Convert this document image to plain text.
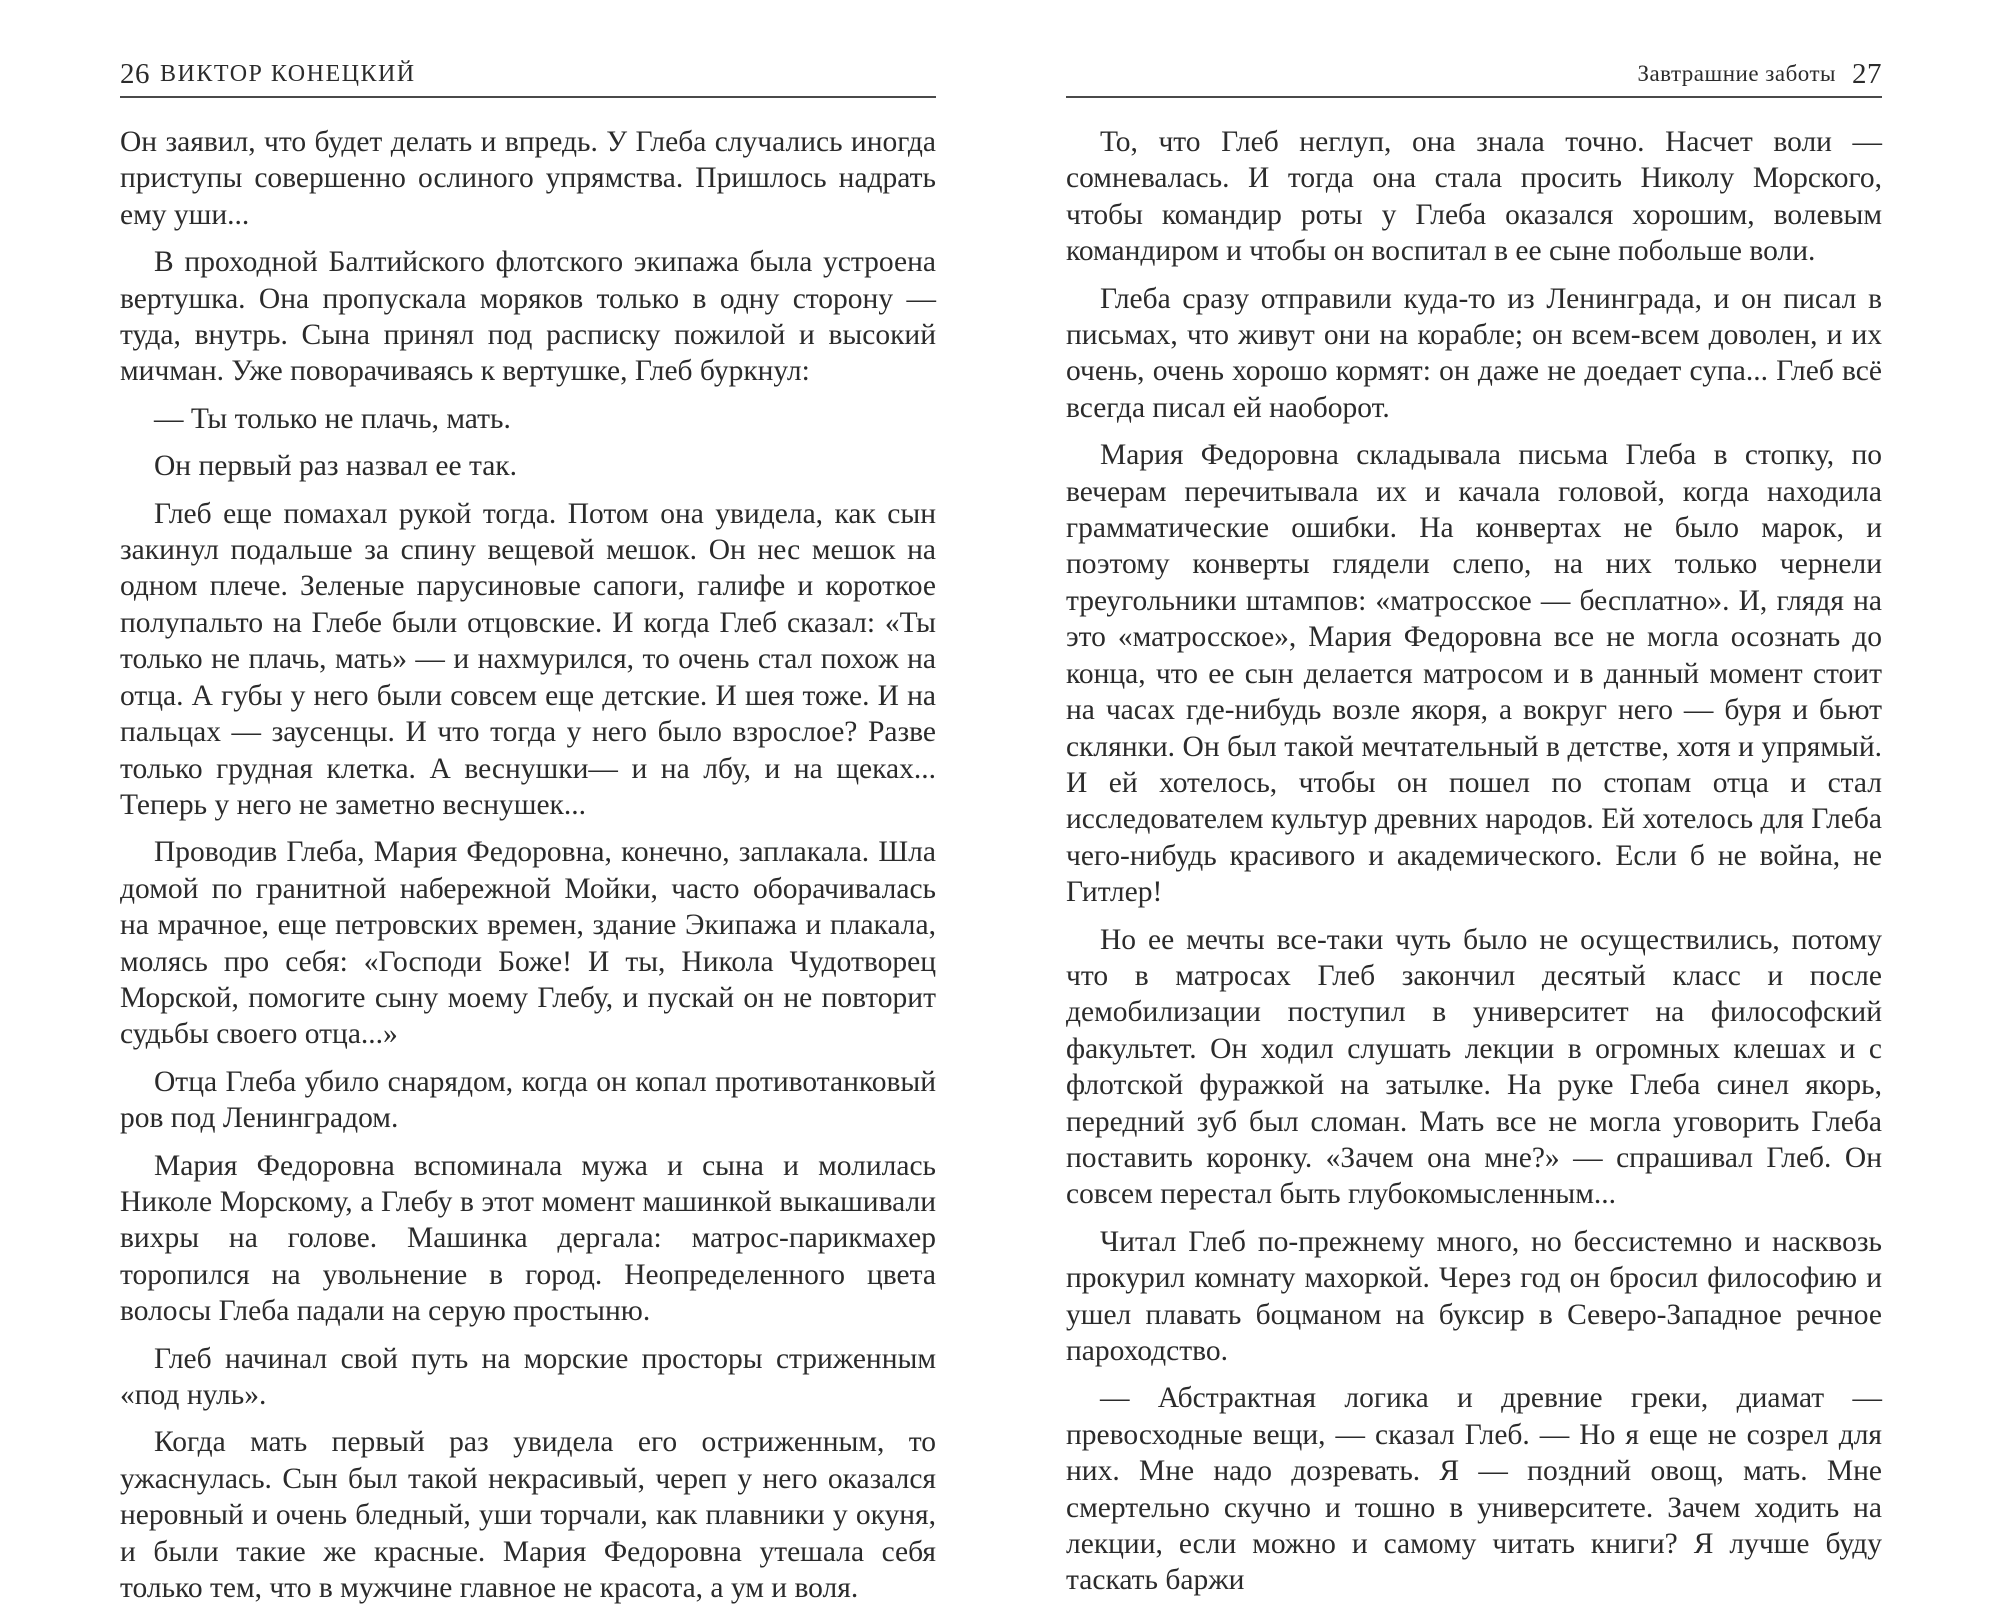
26 ВИКТОР КОНЕЦКИЙ

Он заявил, что будет делать и впредь. У Глеба случались иногда приступы совершенно ослиного упрямства. Пришлось надрать ему уши...

В проходной Балтийского флотского экипажа была устроена вертушка. Она пропускала моряков только в одну сторону — туда, внутрь. Сына принял под расписку пожилой и высокий мичман. Уже поворачиваясь к вертушке, Глеб буркнул:

— Ты только не плачь, мать.

Он первый раз назвал ее так.

Глеб еще помахал рукой тогда. Потом она увидела, как сын закинул подальше за спину вещевой мешок. Он нес мешок на одном плече. Зеленые парусиновые сапоги, галифе и короткое полупальто на Глебе были отцовские. И когда Глеб сказал: «Ты только не плачь, мать» — и нахмурился, то очень стал похож на отца. А губы у него были совсем еще детские. И шея тоже. И на пальцах — заусенцы. И что тогда у него было взрослое? Разве только грудная клетка. А веснушки— и на лбу, и на щеках... Теперь у него не заметно веснушек...

Проводив Глеба, Мария Федоровна, конечно, заплакала. Шла домой по гранитной набережной Мойки, часто оборачивалась на мрачное, еще петровских времен, здание Экипажа и плакала, молясь про себя: «Господи Боже! И ты, Никола Чудотворец Морской, помогите сыну моему Глебу, и пускай он не повторит судьбы своего отца...»

Отца Глеба убило снарядом, когда он копал противотанковый ров под Ленинградом.

Мария Федоровна вспоминала мужа и сына и молилась Николе Морскому, а Глебу в этот момент машинкой выкашивали вихры на голове. Машинка дергала: матрос-парикмахер торопился на увольнение в город. Неопределенного цвета волосы Глеба падали на серую простыню.

Глеб начинал свой путь на морские просторы стриженным «под нуль».

Когда мать первый раз увидела его остриженным, то ужаснулась. Сын был такой некрасивый, череп у него оказался неровный и очень бледный, уши торчали, как плавники у окуня, и были такие же красные. Мария Федоровна утешала себя только тем, что в мужчине главное не красота, а ум и воля.

Завтрашние заботы 27

То, что Глеб неглуп, она знала точно. Насчет воли — сомневалась. И тогда она стала просить Николу Морского, чтобы командир роты у Глеба оказался хорошим, волевым командиром и чтобы он воспитал в ее сыне побольше воли.

Глеба сразу отправили куда-то из Ленинграда, и он писал в письмах, что живут они на корабле; он всем-всем доволен, и их очень, очень хорошо кормят: он даже не доедает супа... Глеб всё всегда писал ей наоборот.

Мария Федоровна складывала письма Глеба в стопку, по вечерам перечитывала их и качала головой, когда находила грамматические ошибки. На конвертах не было марок, и поэтому конверты глядели слепо, на них только чернели треугольники штампов: «матросское — бесплатно». И, глядя на это «матросское», Мария Федоровна все не могла осознать до конца, что ее сын делается матросом и в данный момент стоит на часах где-нибудь возле якоря, а вокруг него — буря и бьют склянки. Он был такой мечтательный в детстве, хотя и упрямый. И ей хотелось, чтобы он пошел по стопам отца и стал исследователем культур древних народов. Ей хотелось для Глеба чего-нибудь красивого и академического. Если б не война, не Гитлер!

Но ее мечты все-таки чуть было не осуществились, потому что в матросах Глеб закончил десятый класс и после демобилизации поступил в университет на философский факультет. Он ходил слушать лекции в огромных клешах и с флотской фуражкой на затылке. На руке Глеба синел якорь, передний зуб был сломан. Мать все не могла уговорить Глеба поставить коронку. «Зачем она мне?» — спрашивал Глеб. Он совсем перестал быть глубокомысленным...

Читал Глеб по-прежнему много, но бессистемно и насквозь прокурил комнату махоркой. Через год он бросил философию и ушел плавать боцманом на буксир в Северо-Западное речное пароходство.

— Абстрактная логика и древние греки, диамат — превосходные вещи, — сказал Глеб. — Но я еще не созрел для них. Мне надо дозревать. Я — поздний овощ, мать. Мне смертельно скучно и тошно в университете. Зачем ходить на лекции, если можно и самому читать книги? Я лучше буду таскать баржи
